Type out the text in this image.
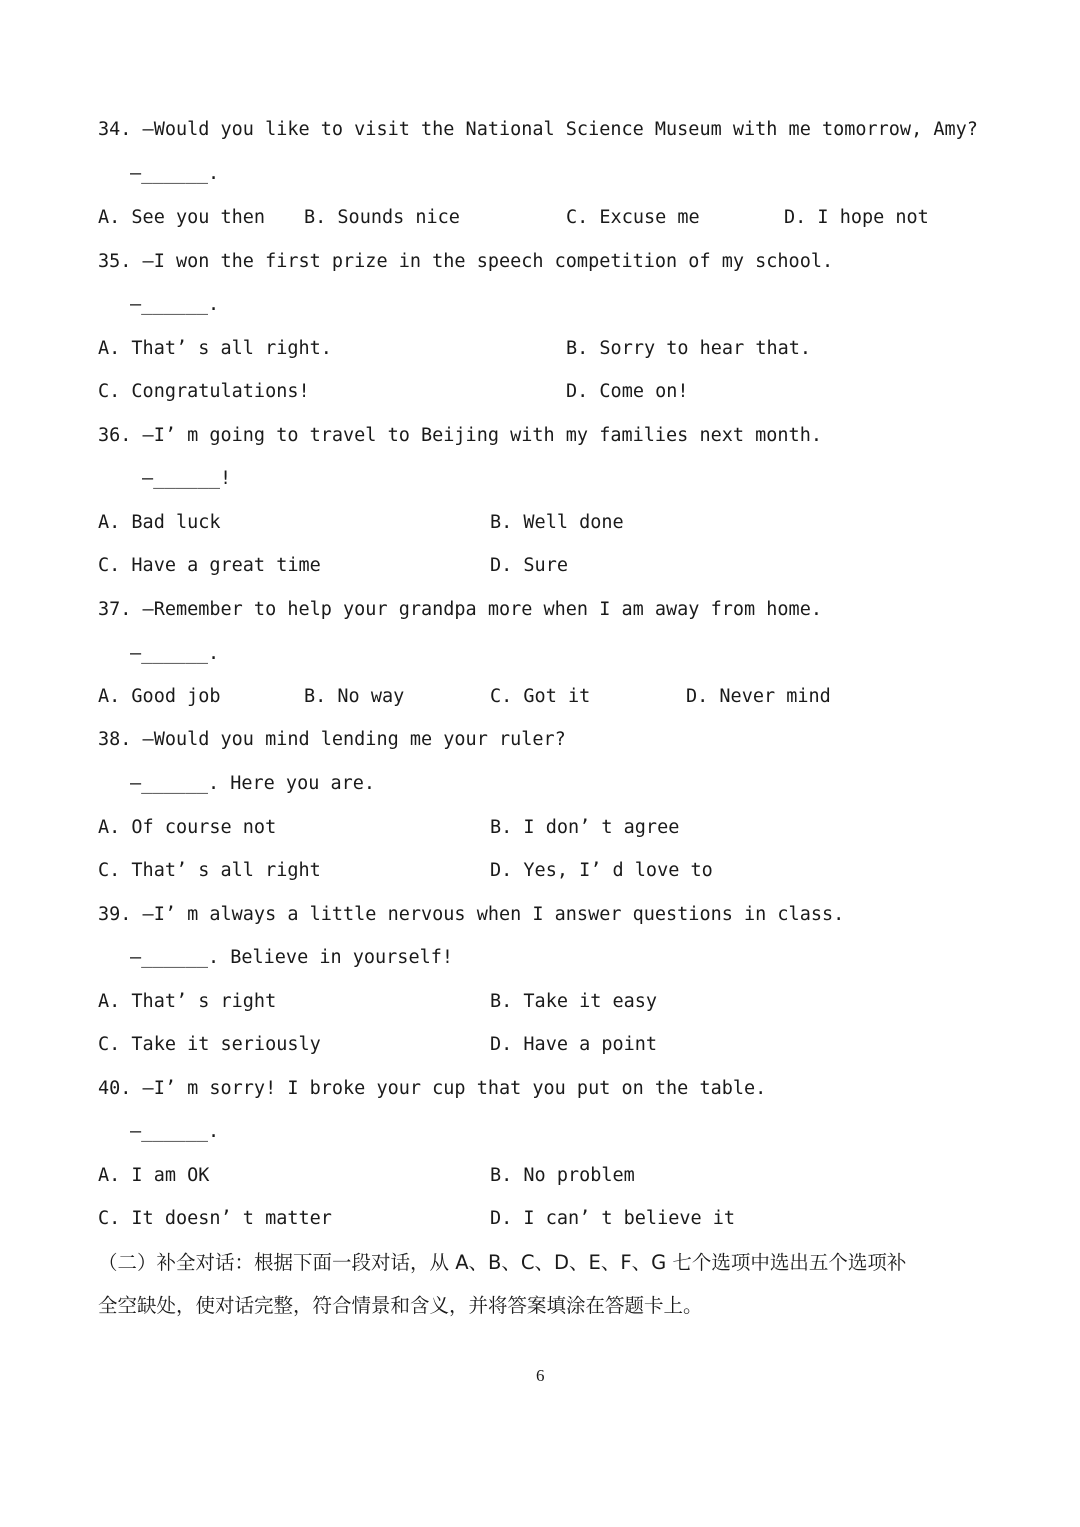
34. —Would you like to visit the National Science Museum with me tomorrow, Amy?
—______.
A. See you then B. Sounds nice	C. Excuse me	D. I hope not
35. —I won the first prize in the speech competition of my school.
—______.
A. That’ s all right.	B. Sorry to hear that.
C. Congratulations!	D. Come on!
36. —I’ m going to travel to Beijing with my families next month.
—______!
A. Bad luck	B. Well done
C. Have a great time	D. Sure
37. —Remember to help your grandpa more when I am away from home.
—______.
A. Good job	B. No way	C. Got it	D. Never mind
38. —Would you mind lending me your ruler?
—______. Here you are.
A. Of course not	B. I don’ t agree
C. That’ s all right	D. Yes, I’ d love to
39. —I’ m always a little nervous when I answer questions in class.
—______. Believe in yourself!
A. That’ s right	B. Take it easy
C. Take it seriously	D. Have a point
40. —I’ m sorry! I broke your cup that you put on the table.
—______.
A. I am OK	B. No problem
C. It doesn’ t matter	D. I can’ t believe it
（二）补全对话：根据下面一段对话，从 A、B、C、D、E、F、G 七个选项中选出五个选项补
全空缺处，使对话完整，符合情景和含义，并将答案填涂在答题卡上。
6
